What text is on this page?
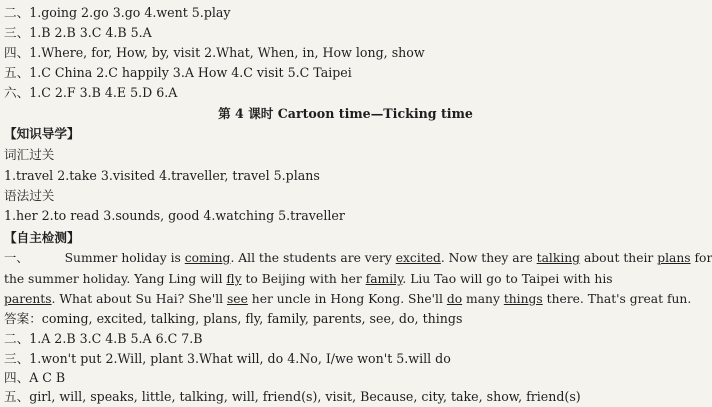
二、1.going 2.go 3.go 4.went 5.play
三、1.B 2.B 3.C 4.B 5.A
四、1.Where, for, How, by, visit 2.What, When, in, How long, show
五、1.C China 2.C happily 3.A How 4.C visit 5.C Taipei
六、1.C 2.F 3.B 4.E 5.D 6.A
第 4 课时 Cartoon time—Ticking time
【知识导学】
词汇过关
1.travel 2.take 3.visited 4.traveller, travel 5.plans
语法过关
1.her 2.to read 3.sounds, good 4.watching 5.traveller
【自主检测】
一、	Summer holiday is coming. All the students are very excited. Now they are talking about their plans for
the summer holiday. Yang Ling will fly to Beijing with her family. Liu Tao will go to Taipei with his
parents. What about Su Hai? She'll see her uncle in Hong Kong. She'll do many things there. That's great fun.
答案：coming, excited, talking, plans, fly, family, parents, see, do, things
二、1.A 2.B 3.C 4.B 5.A 6.C 7.B
三、1.won't put 2.Will, plant 3.What will, do 4.No, I/we won't 5.will do
四、A C B
五、girl, will, speaks, little, talking, will, friend(s), visit, Because, city, take, show, friend(s)
